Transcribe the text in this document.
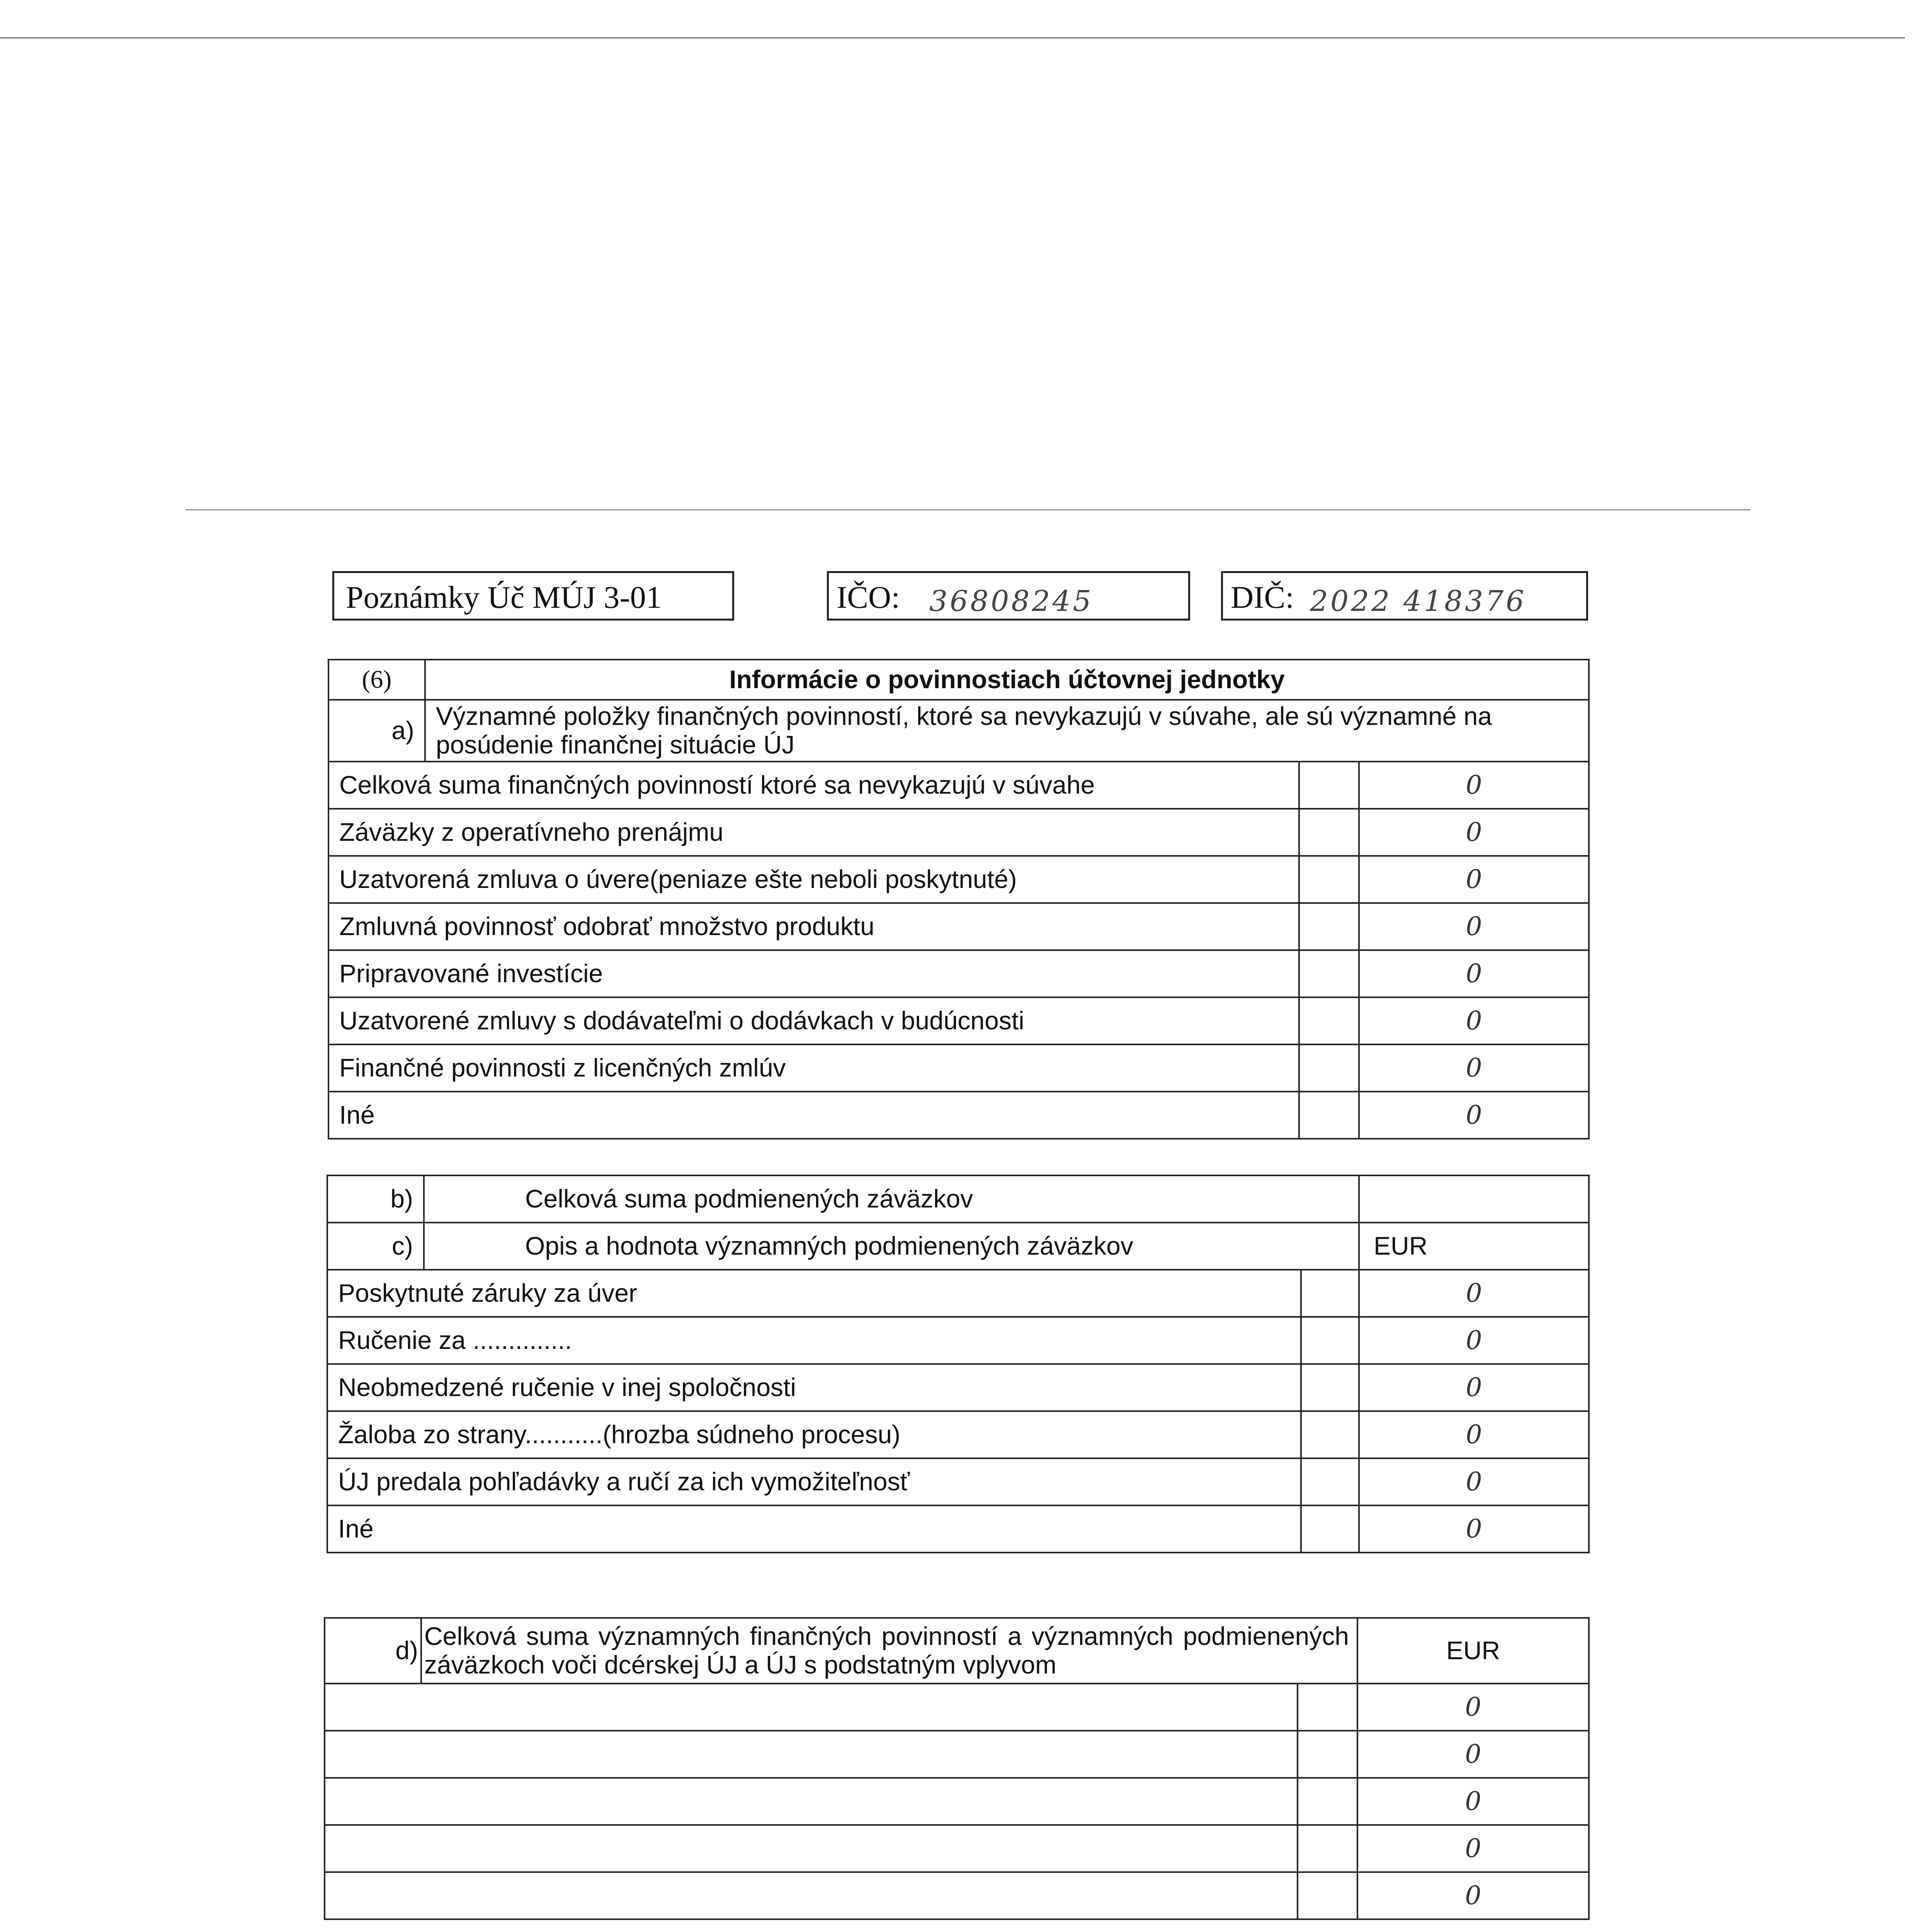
Poznámky Úč MÚJ 3-01	IČO: 36808245	DIČ: 2022 418376
(6)	Informácie o povinnostiach účtovnej jednotky		
a)	Významné položky finančných povinností, ktoré sa nevykazujú v súvahe, ale sú významné na posúdenie finančnej situácie ÚJ		
Celková suma finančných povinností ktoré sa nevykazujú v súvahe			0
Záväzky z operatívneho prenájmu			0
Uzatvorená zmluva o úvere(peniaze ešte neboli poskytnuté)			0
Zmluvná povinnosť odobrať množstvo produktu			0
Pripravované investície			0
Uzatvorené zmluvy s dodávateľmi o dodávkach v budúcnosti			0
Finančné povinnosti z licenčných zmlúv			0
Iné			0
b)	Celková suma podmienených záväzkov		
c)	Opis a hodnota významných podmienených záväzkov		EUR
Poskytnuté záruky za úver			0
Ručenie za ..............			0
Neobmedzené ručenie v inej spoločnosti			0
Žaloba zo strany...........(hrozba súdneho procesu)			0
ÚJ predala pohľadávky a ručí za ich vymožiteľnosť			0
Iné			0
d)	Celková suma významných finančných povinností a významných podmienených záväzkoch voči dcérskej ÚJ a ÚJ s podstatným vplyvom		EUR
			0
			0
			0
			0
			0
